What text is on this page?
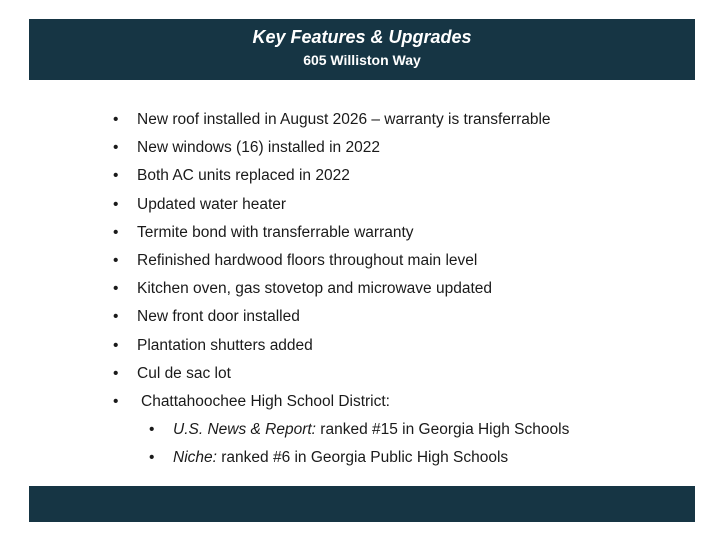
Key Features & Upgrades
605 Williston Way
• New roof installed in August 2026 – warranty is transferrable
• New windows (16) installed in 2022
• Both AC units replaced in 2022
• Updated water heater
• Termite bond with transferrable warranty
• Refinished hardwood floors throughout main level
• Kitchen oven, gas stovetop and microwave updated
• New front door installed
• Plantation shutters added
• Cul de sac lot
• Chattahoochee High School District:
• U.S. News & Report: ranked #15 in Georgia High Schools
• Niche: ranked #6 in Georgia Public High Schools
